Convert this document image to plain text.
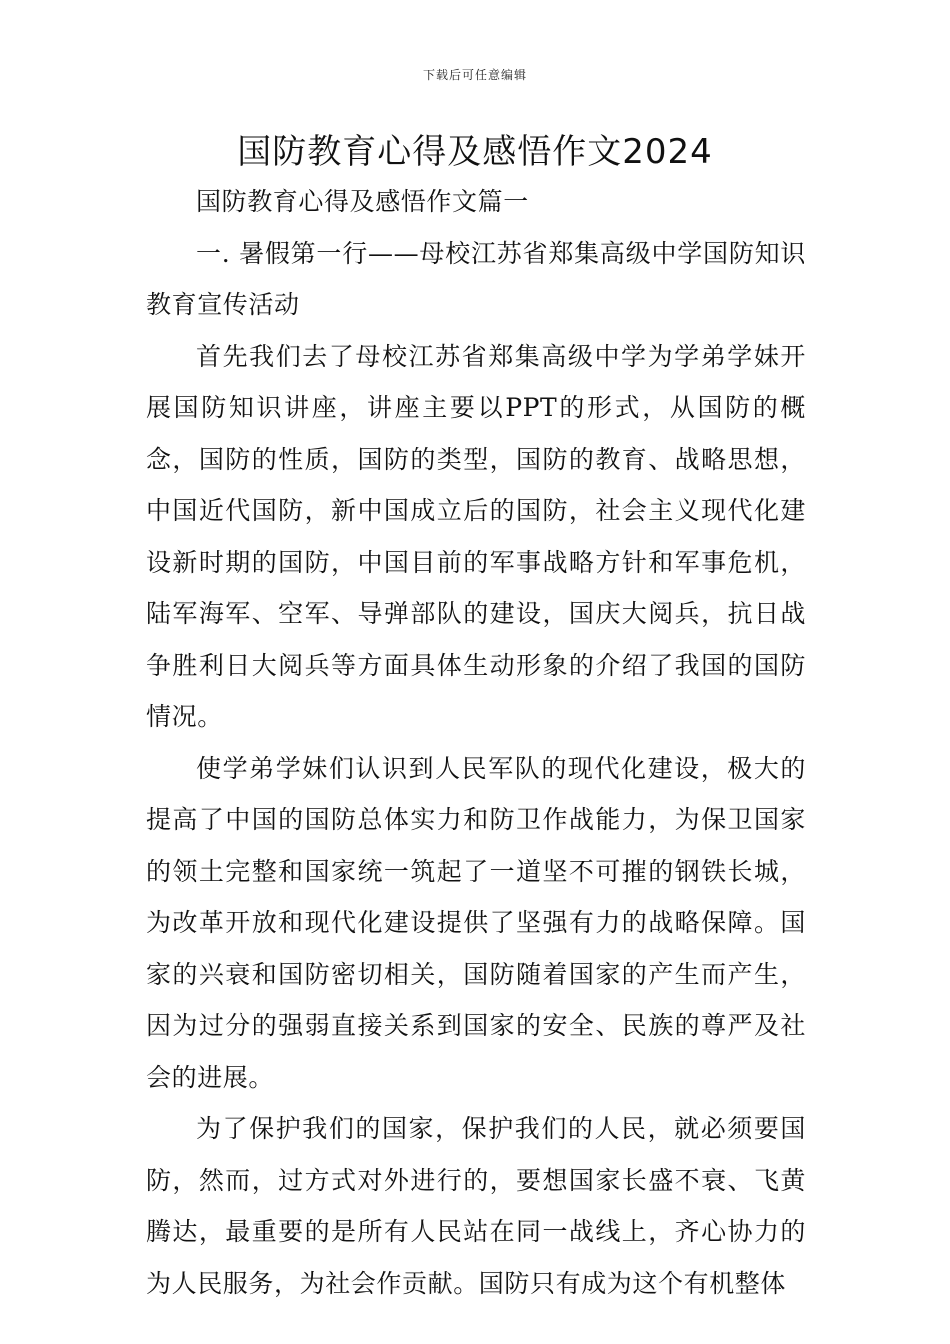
下载后可任意编辑
国防教育心得及感悟作文2024

国防教育心得及感悟作文篇一

一. 暑假第一行——母校江苏省郑集高级中学国防知识教育宣传活动

首先我们去了母校江苏省郑集高级中学为学弟学妹开展国防知识讲座，讲座主要以PPT的形式，从国防的概念，国防的性质，国防的类型，国防的教育、战略思想，中国近代国防，新中国成立后的国防，社会主义现代化建设新时期的国防，中国目前的军事战略方针和军事危机，陆军海军、空军、导弹部队的建设，国庆大阅兵，抗日战争胜利日大阅兵等方面具体生动形象的介绍了我国的国防情况。

使学弟学妹们认识到人民军队的现代化建设，极大的提高了中国的国防总体实力和防卫作战能力，为保卫国家的领土完整和国家统一筑起了一道坚不可摧的钢铁长城，为改革开放和现代化建设提供了坚强有力的战略保障。国家的兴衰和国防密切相关，国防随着国家的产生而产生，因为过分的强弱直接关系到国家的安全、民族的尊严及社会的进展。

为了保护我们的国家，保护我们的人民，就必须要国防，然而，过方式对外进行的，要想国家长盛不衰、飞黄腾达，最重要的是所有人民站在同一战线上，齐心协力的为人民服务，为社会作贡献。国防只有成为这个有机整体
